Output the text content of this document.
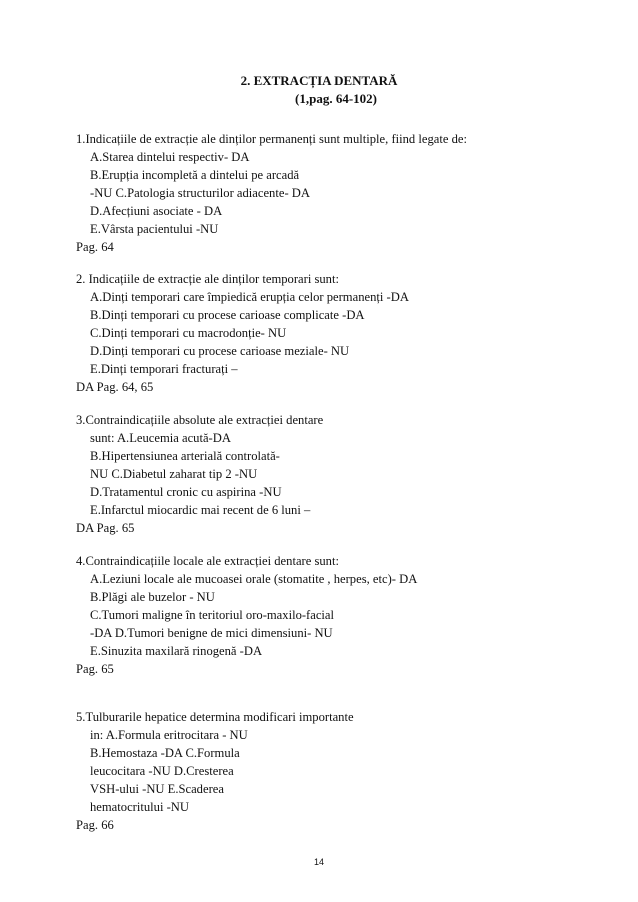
2. EXTRACȚIA DENTARĂ
(1,pag. 64-102)
1.Indicațiile de extracție ale dinților permanenți sunt multiple, fiind legate de:
A.Starea dintelui respectiv- DA
B.Erupția incompletă a dintelui pe arcadă
-NU C.Patologia structurilor adiacente- DA
D.Afecțiuni asociate - DA
E.Vârsta pacientului -NU
Pag. 64
2. Indicațiile de extracție ale dinților temporari sunt:
A.Dinți temporari care împiedică erupția celor permanenți -DA
B.Dinți temporari cu procese carioase complicate -DA
C.Dinți temporari cu macrodonție- NU
D.Dinți temporari cu procese carioase meziale- NU
E.Dinți temporari fracturați –
DA Pag. 64, 65
3.Contraindicațiile absolute ale extracției dentare
sunt: A.Leucemia acută-DA
B.Hipertensiunea arterială controlată-
NU C.Diabetul zaharat tip 2 -NU
D.Tratamentul cronic cu aspirina -NU
E.Infarctul miocardic mai recent de 6 luni –
DA Pag. 65
4.Contraindicațiile locale ale extracției dentare sunt:
A.Leziuni locale ale mucoasei orale (stomatite , herpes, etc)- DA
B.Plăgi ale buzelor - NU
C.Tumori maligne în teritoriul oro-maxilo-facial
-DA D.Tumori benigne de mici dimensiuni- NU
E.Sinuzita maxilară rinogenă -DA
Pag. 65
5.Tulburarile hepatice determina modificari importante
in: A.Formula eritrocitara - NU
B.Hemostaza -DA C.Formula
leucocitara -NU D.Cresterea
VSH-ului -NU E.Scaderea
hematocritului -NU
Pag. 66
14
